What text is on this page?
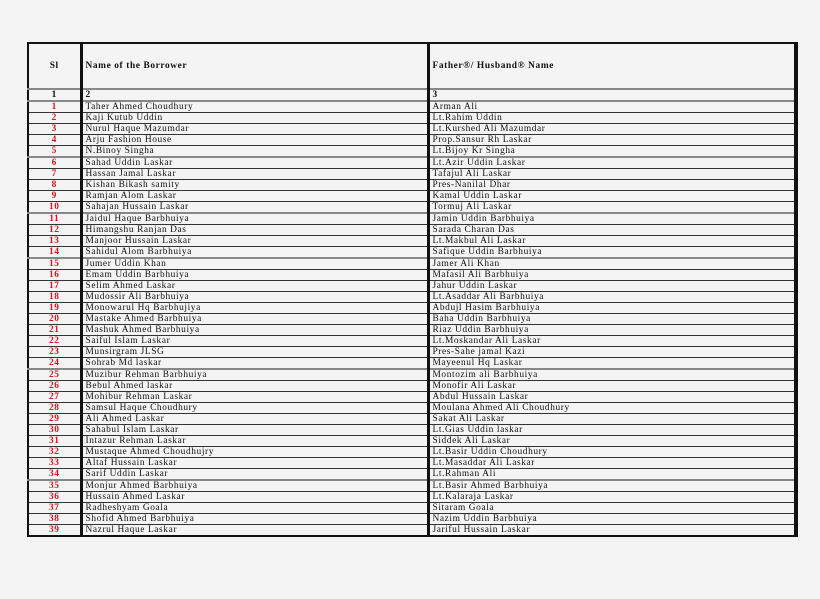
Sl	Name of the Borrower	Father®/ Husband® Name
1	2	3
1	Taher Ahmed Choudhury	Arman Ali
2	Kaji Kutub Uddin	Lt.Rahim Uddin
3	Nurul Haque Mazumdar	Lt.Kurshed Ali Mazumdar
4	Arju Fashion House	Prop.Sansur Rh Laskar
5	N.Binoy Singha	Lt.Bijoy Kr Singha
6	Sahad Uddin Laskar	Lt.Azir Uddin Laskar
7	Hassan Jamal Laskar	Tafajul Ali Laskar
8	Kishan Bikash samity	Pres-Nanilal Dhar
9	Ramjan Alom Laskar	Kamal Uddin Laskar
10	Sahajan Hussain Laskar	Tormuj Ali Laskar
11	Jaidul Haque Barbhuiya	Jamin Uddin Barbhuiya
12	Himangshu Ranjan Das	Sarada Charan Das
13	Manjoor Hussain Laskar	Lt.Makbul Ali Laskar
14	Sahidul Alom Barbhuiya	Safique Uddin Barbhuiya
15	Jumer Uddin Khan	Jamer Ali Khan
16	Emam Uddin Barbhuiya	Mafasil Ali Barbhuiya
17	Selim Ahmed Laskar	Jahur Uddin Laskar
18	Mudossir Ali Barbhuiya	Lt.Asaddar Ali Barbhuiya
19	Monowarul Hq Barbhujiya	Abdujl Hasim Barbhuiya
20	Mastake Ahmed Barbhuiya	Baha Uddin Barbhuiya
21	Mashuk Ahmed Barbhuiya	Riaz Uddin Barbhuiya
22	Saiful Islam Laskar	Lt.Moskandar Ali Laskar
23	Munsirgram JLSG	Pres-Sahe jamal Kazi
24	Sohrab Md laskar	Mayeenul Hq Laskar
25	Muzibur Rehman Barbhuiya	Montozim ali Barbhuiya
26	Bebul Ahmed laskar	Monofir Ali Laskar
27	Mohibur Rehman Laskar	Abdul Hussain Laskar
28	Samsul Haque Choudhury	Moulana Ahmed Ali Choudhury
29	Ali Ahmed Laskar	Sakat Ali Laskar
30	Sahabul Islam Laskar	Lt.Gias Uddin laskar
31	Intazur Rehman Laskar	Siddek Ali Laskar
32	Mustaque Ahmed Choudhujry	Lt.Basir Uddin Choudhury
33	Altaf Hussain Laskar	Lt.Masaddar Ali Laskar
34	Sarif Uddin Laskar	Lt.Rahman Ali
35	Monjur Ahmed Barbhuiya	Lt.Basir Ahmed Barbhuiya
36	Hussain Ahmed Laskar	Lt.Kalaraja Laskar
37	Radheshyam Goala	Sitaram Goala
38	Shofid Ahmed Barbhuiya	Nazim Uddin Barbhuiya
39	Nazrul Haque Laskar	Jariful Hussain Laskar
